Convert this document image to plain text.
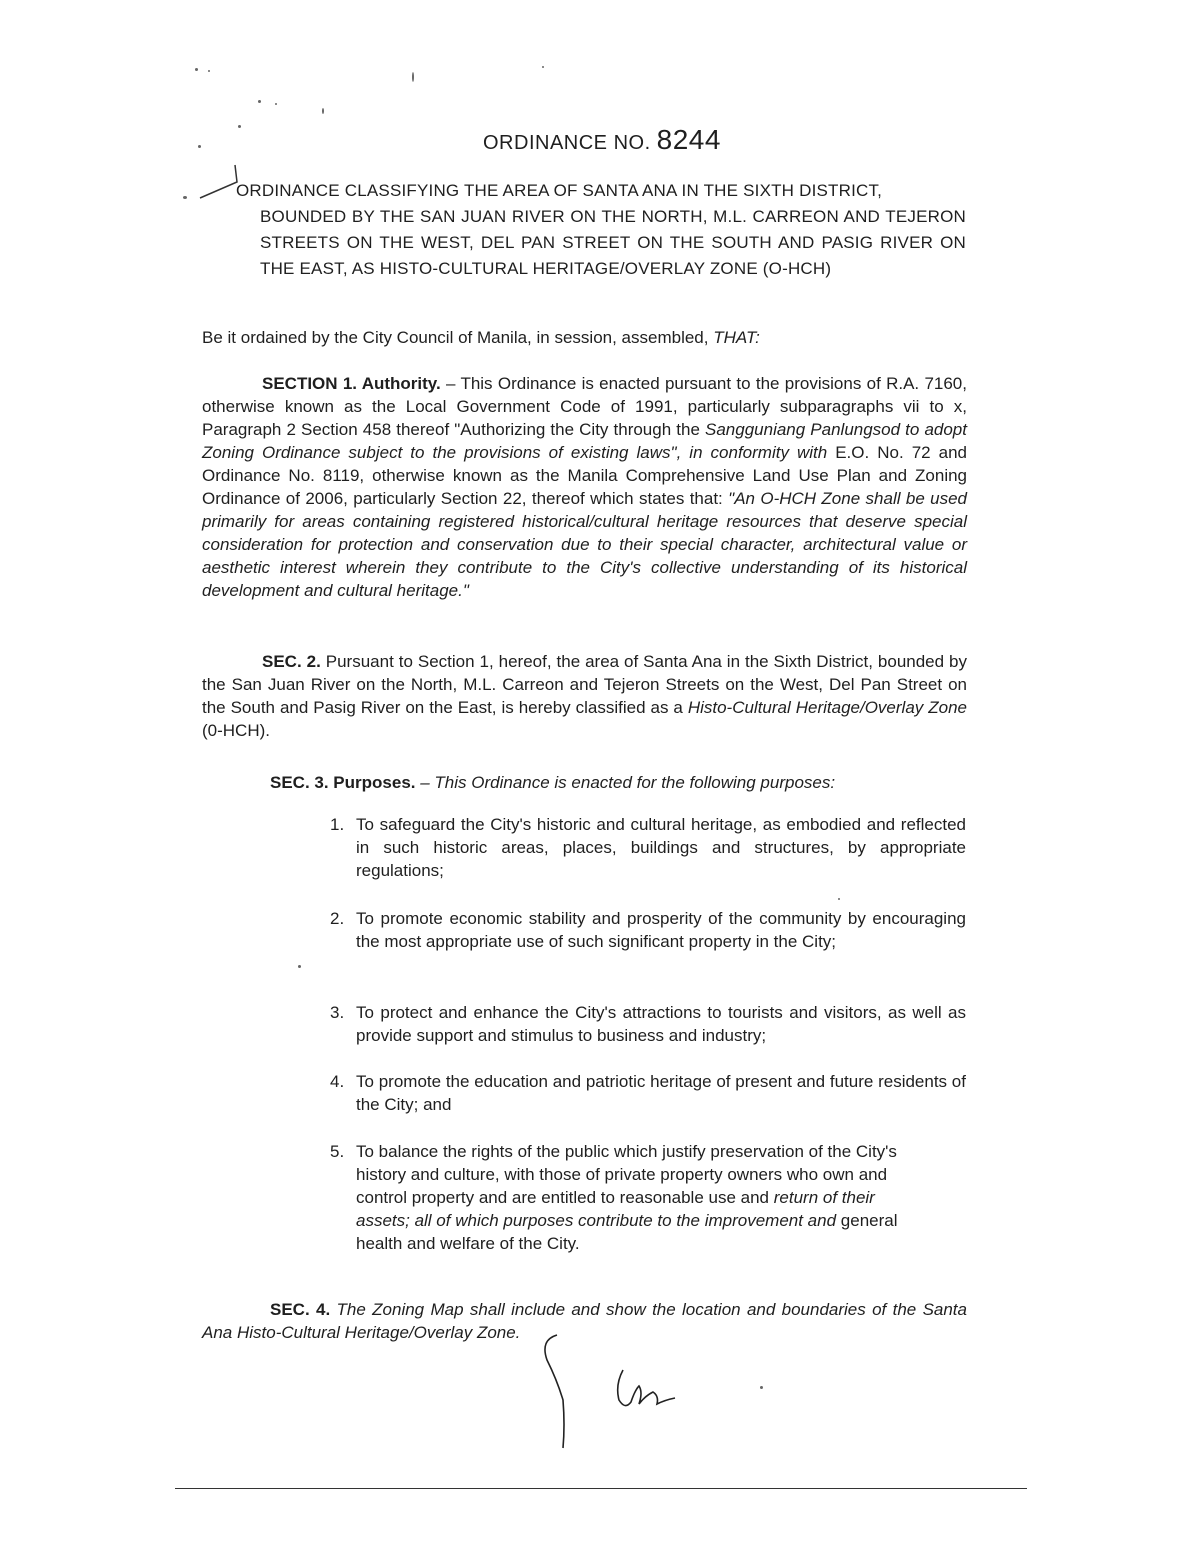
ORDINANCE NO. 8244
ORDINANCE CLASSIFYING THE AREA OF SANTA ANA IN THE SIXTH DISTRICT,
BOUNDED BY THE SAN JUAN RIVER ON THE NORTH, M.L. CARREON AND TEJERON STREETS ON THE WEST, DEL PAN STREET ON THE SOUTH AND PASIG RIVER ON THE EAST, AS HISTO-CULTURAL HERITAGE/OVERLAY ZONE (O-HCH)
Be it ordained by the City Council of Manila, in session, assembled, THAT:
SECTION 1. Authority. – This Ordinance is enacted pursuant to the provisions of R.A. 7160, otherwise known as the Local Government Code of 1991, particularly subparagraphs vii to x, Paragraph 2 Section 458 thereof "Authorizing the City through the Sangguniang Panlungsod to adopt Zoning Ordinance subject to the provisions of existing laws", in conformity with E.O. No. 72 and Ordinance No. 8119, otherwise known as the Manila Comprehensive Land Use Plan and Zoning Ordinance of 2006, particularly Section 22, thereof which states that: "An O-HCH Zone shall be used primarily for areas containing registered historical/cultural heritage resources that deserve special consideration for protection and conservation due to their special character, architectural value or aesthetic interest wherein they contribute to the City's collective understanding of its historical development and cultural heritage."
SEC. 2. Pursuant to Section 1, hereof, the area of Santa Ana in the Sixth District, bounded by the San Juan River on the North, M.L. Carreon and Tejeron Streets on the West, Del Pan Street on the South and Pasig River on the East, is hereby classified as a Histo-Cultural Heritage/Overlay Zone (0-HCH).
SEC. 3. Purposes. – This Ordinance is enacted for the following purposes:
1. To safeguard the City's historic and cultural heritage, as embodied and reflected in such historic areas, places, buildings and structures, by appropriate regulations;
2. To promote economic stability and prosperity of the community by encouraging the most appropriate use of such significant property in the City;
3. To protect and enhance the City's attractions to tourists and visitors, as well as provide support and stimulus to business and industry;
4. To promote the education and patriotic heritage of present and future residents of the City; and
5. To balance the rights of the public which justify preservation of the City's history and culture, with those of private property owners who own and control property and are entitled to reasonable use and return of their assets; all of which purposes contribute to the improvement and general health and welfare of the City.
SEC. 4. The Zoning Map shall include and show the location and boundaries of the Santa Ana Histo-Cultural Heritage/Overlay Zone.
